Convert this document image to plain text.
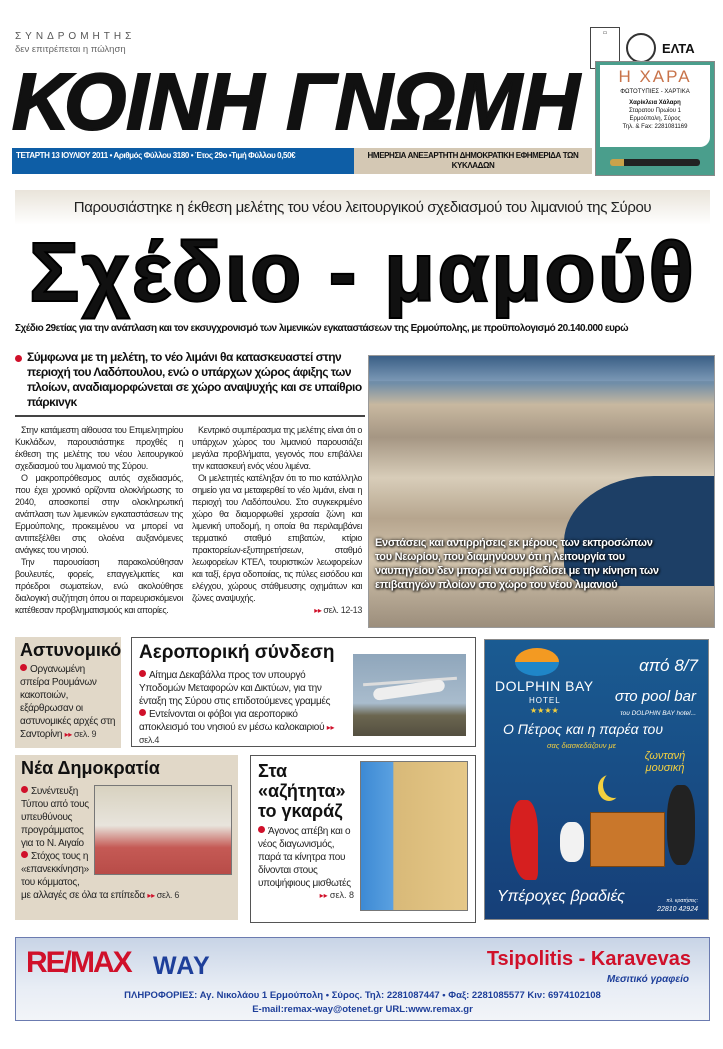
ΣΥΝΔΡΟΜΗΤΗΣ
δεν επιτρέπεται η πώληση
▭
ΕΛΤΑ
ΚΟΙΝΗ ΓΝΩΜΗ
ΤΕΤΑΡΤΗ 13 ΙΟΥΛΙΟΥ 2011 • Αριθμός Φύλλου 3180 • Έτος 29ο •Τιμή Φύλλου 0,50€	ΗΜΕΡΗΣΙΑ ΑΝΕΞΑΡΤΗΤΗ ΔΗΜΟΚΡΑΤΙΚΗ ΕΦΗΜΕΡΙΔΑ ΤΩΝ ΚΥΚΛΑΔΩΝ
Η ΧΑΡΑ
ΦΩΤΟΤΥΠΙΕΣ - ΧΑΡΤΙΚΑ
Χαρίκλεια Χάλαρη
Σταρατου Πρωίου 1
Ερμούπολη, Σύρος
Τηλ. & Fax: 2281081169
Παρουσιάστηκε η έκθεση μελέτης του νέου λειτουργικού σχεδιασμού του λιμανιού της Σύρου
Σχέδιο - μαμούθ
Σχέδιο 29ετίας για την ανάπλαση και τον εκσυγχρονισμό των λιμενικών εγκαταστάσεων της Ερμούπολης, με προϋπολογισμό 20.140.000 ευρώ
Σύμφωνα με τη μελέτη, το νέο λιμάνι θα κατασκευαστεί στην περιοχή του Λαδόπουλου, ενώ ο υπάρχων χώρος άφιξης των πλοίων, αναδιαμορφώνεται σε χώρο αναψυχής και σε υπαίθριο πάρκινγκ

Στην κατάμεστη αίθουσα του Επιμελητηρίου Κυκλάδων, παρουσιάστηκε προχθές η έκθεση της μελέτης του νέου λειτουργικού σχεδιασμού του λιμανιού της Σύρου.

Ο μακροπρόθεσμος αυτός σχεδιασμός, που έχει χρονικό ορίζοντα ολοκλήρωσης το 2040, αποσκοπεί στην ολοκληρωτική ανάπλαση των λιμενικών εγκαταστάσεων της Ερμούπολης, προκειμένου να μπορεί να αντιπεξέλθει στις ολοένα αυξανόμενες ανάγκες του νησιού.

Την παρουσίαση παρακολούθησαν βουλευτές, φορείς, επαγγελματίες και πρόεδροι σωματείων, ενώ ακολούθησε διαλογική συζήτηση όπου οι παρευρισκόμενοι κατέθεσαν προβληματισμούς και απορίες.

Κεντρικό συμπέρασμα της μελέτης είναι ότι ο υπάρχων χώρος του λιμανιού παρουσιάζει μεγάλα προβλήματα, γεγονός που επιβάλλει την κατασκευή ενός νέου λιμένα.

Οι μελετητές κατέληξαν ότι το πιο κατάλληλο σημείο για να μεταφερθεί το νέο λιμάνι, είναι η περιοχή του Λαδόπουλου. Στο συγκεκριμένο χώρο θα διαμορφωθεί χερσαία ζώνη και λιμενική υποδομή, η οποία θα περιλαμβάνει τερματικό σταθμό επιβατών, κτίριο πρακτορείων-εξυπηρετήσεων, σταθμό λεωφορείων ΚΤΕΛ, τουριστικών λεωφορείων και ταξί, έργα οδοποιίας, τις πύλες εισόδου και ελέγχου, χώρους στάθμευσης οχημάτων και ζώνες αναψυχής.

▸▸ σελ. 12-13
Ενστάσεις και αντιρρήσεις εκ μέρους των εκπροσώπων του Νεωρίου, που διαμηνύουν ότι η λειτουργία του ναυπηγείου δεν μπορεί να συμβαδίσει με την κίνηση των επιβατηγών πλοίων στο χώρο του νέου λιμανιού
Αστυνομικό
Οργανωμένη σπείρα Ρουμάνων κακοποιών, εξάρθρωσαν οι αστυνομικές αρχές στη Σαντορίνη ▸▸ σελ. 9
Αεροπορική σύνδεση
Αίτημα Δεκαβάλλα προς τον υπουργό Υποδομών Μεταφορών και Δικτύων, για την ένταξη της Σύρου στις επιδοτούμενες γραμμές
Εντείνονται οι φόβοι για αεροπορικό αποκλεισμό του νησιού εν μέσω καλοκαιριού ▸▸ σελ.4
Νέα Δημοκρατία
Συνέντευξη Τύπου από τους υπευθύνους προγράμματος για το Ν. Αιγαίο
Στόχος τους η «επανεκκίνηση» του κόμματος, με αλλαγές σε όλα τα επίπεδα ▸▸ σελ. 6
Στα «αζήτητα» το γκαράζ
Άγονος απέβη και ο νέος διαγωνισμός, παρά τα κίνητρα που δίνονται στους υποψήφιους μισθωτές
▸▸ σελ. 8
DOLPHIN BAY
HOTEL
★★★★
από 8/7
στο pool bar
του DOLPHIN BAY hotel...
Ο Πέτρος και η παρέα του
σας διασκεδάζουν με
ζωντανή μουσική
Υπέροχες βραδιές	πλ. κρατήσεις:
22810 42924
RE/MAX WAY	Tsipolitis - Karavevas
Μεσιτικό γραφείο
ΠΛΗΡΟΦΟΡΙΕΣ: Αγ. Νικολάου 1 Ερμούπολη • Σύρος. Τηλ: 2281087447 • Φαξ: 2281085577 Κιν: 6974102108
E-mail:remax-way@otenet.gr URL:www.remax.gr
